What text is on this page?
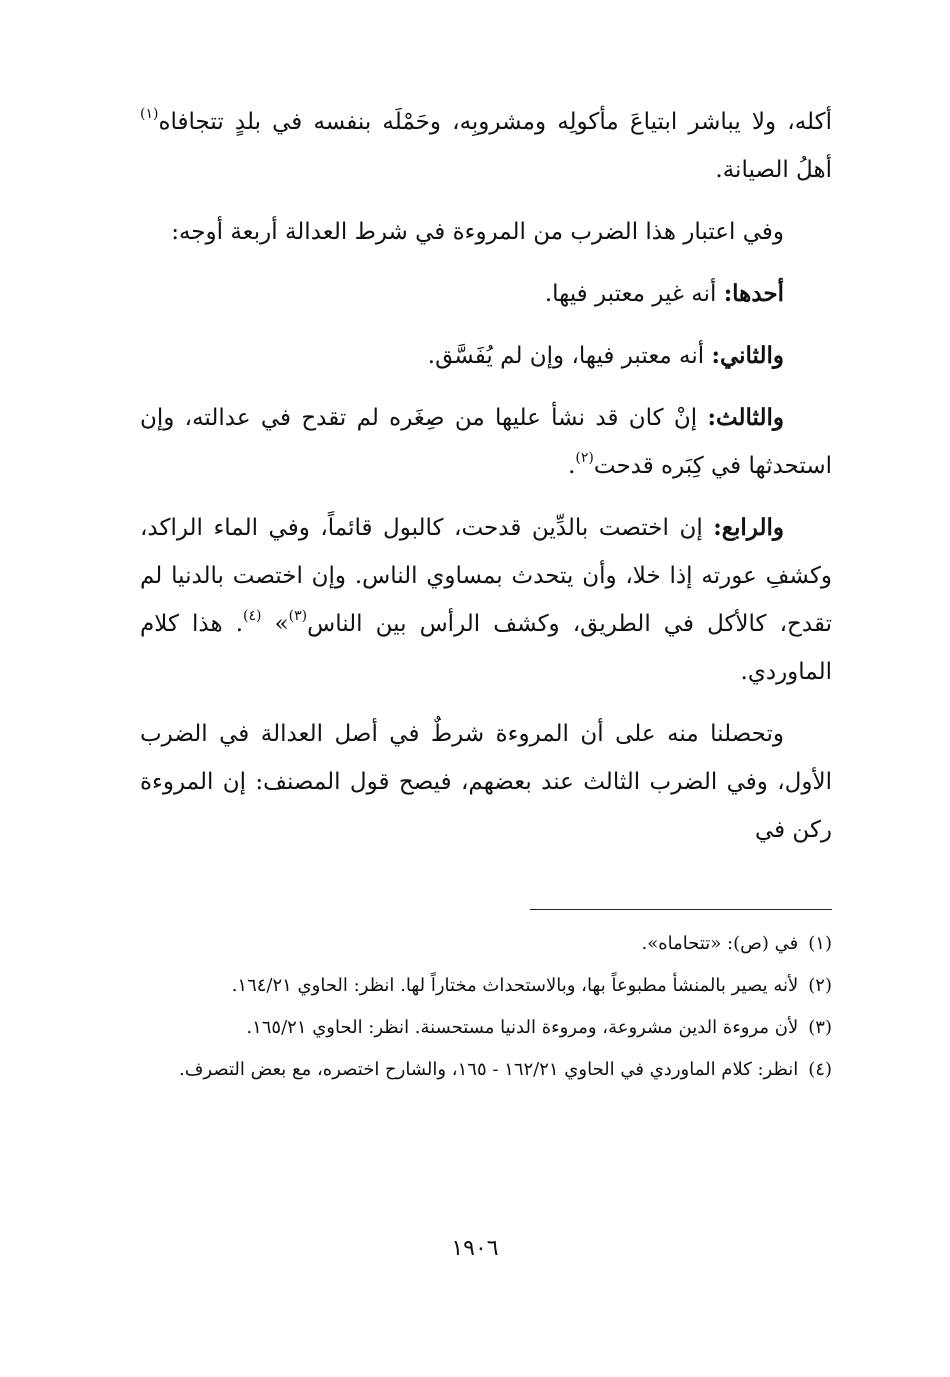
أكله، ولا يباشر ابتياعَ مأكولِه ومشروبِه، وحَمْلَه بنفسه في بلدٍ تتجافاه$^{(١)}$ أهلُ الصيانة.

وفي اعتبار هذا الضرب من المروءة في شرط العدالة أربعة أوجه:

أحدها: أنه غير معتبر فيها.

والثاني: أنه معتبر فيها، وإن لم يُفَسَّق.

والثالث: إنْ كان قد نشأ عليها من صِغَره لم تقدح في عدالته، وإن استحدثها في كِبَره قدحت$^{(٢)}$.

والرابع: إن اختصت بالدِّين قدحت، كالبول قائماً، وفي الماء الراكد، وكشفِ عورته إذا خلا، وأن يتحدث بمساوي الناس. وإن اختصت بالدنيا لم تقدح، كالأكل في الطريق، وكشف الرأس بين الناس$^{(٣)}$» $^{(٤)}$. هذا كلام الماوردي.

وتحصلنا منه على أن المروءة شرطٌ في أصل العدالة في الضرب الأول، وفي الضرب الثالث عند بعضهم، فيصح قول المصنف: إن المروءة ركن في

(١)في (ص): «تتحاماه».

(٢)لأنه يصير بالمنشأ مطبوعاً بها، وبالاستحداث مختاراً لها. انظر: الحاوي ١٦٤/٢١.

(٣)لأن مروءة الدين مشروعة، ومروءة الدنيا مستحسنة. انظر: الحاوي ١٦٥/٢١.

(٤)انظر: كلام الماوردي في الحاوي ١٦٢/٢١ - ١٦٥، والشارح اختصره، مع بعض التصرف.

١٩٠٦
